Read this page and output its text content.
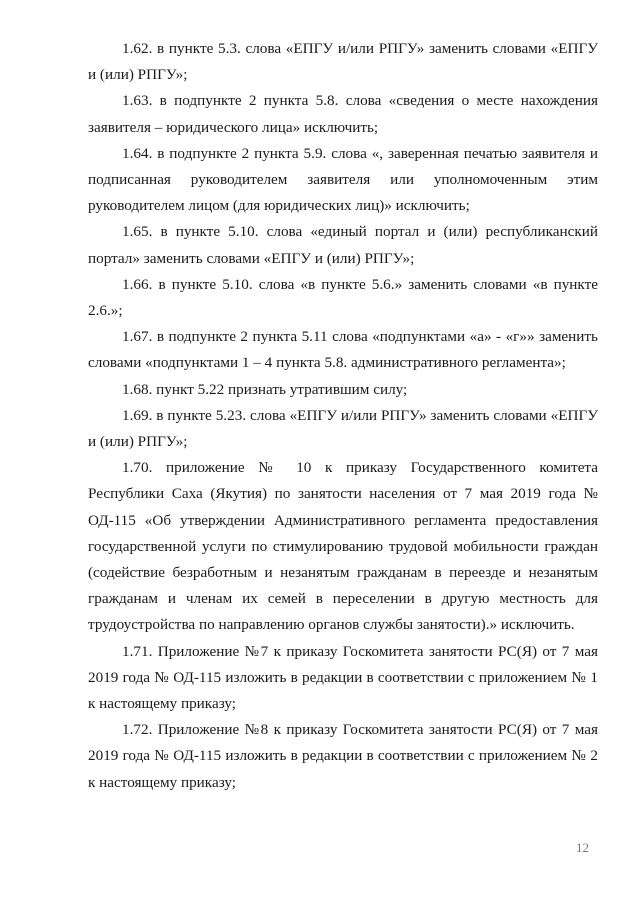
1.62. в пункте 5.3. слова «ЕПГУ и/или РПГУ» заменить словами «ЕПГУ и (или) РПГУ»;

1.63. в подпункте 2 пункта 5.8. слова «сведения о месте нахождения заявителя – юридического лица» исключить;

1.64. в подпункте 2 пункта 5.9. слова «, заверенная печатью заявителя и подписанная руководителем заявителя или уполномоченным этим руководителем лицом (для юридических лиц)» исключить;

1.65. в пункте 5.10. слова «единый портал и (или) республиканский портал» заменить словами «ЕПГУ и (или) РПГУ»;

1.66. в пункте 5.10. слова «в пункте 5.6.» заменить словами «в пункте 2.6.»;

1.67. в подпункте 2 пункта 5.11 слова «подпунктами «а» - «г»» заменить словами «подпунктами 1 – 4 пункта 5.8. административного регламента»;

1.68. пункт 5.22 признать утратившим силу;

1.69. в пункте 5.23. слова «ЕПГУ и/или РПГУ» заменить словами «ЕПГУ и (или) РПГУ»;

1.70. приложение № 10 к приказу Государственного комитета Республики Саха (Якутия) по занятости населения от 7 мая 2019 года № ОД-115 «Об утверждении Административного регламента предоставления государственной услуги по стимулированию трудовой мобильности граждан (содействие безработным и незанятым гражданам в переезде и незанятым гражданам и членам их семей в переселении в другую местность для трудоустройства по направлению органов службы занятости).» исключить.

1.71. Приложение №7 к приказу Госкомитета занятости РС(Я) от 7 мая 2019 года № ОД-115 изложить в редакции в соответствии с приложением № 1 к настоящему приказу;

1.72. Приложение №8 к приказу Госкомитета занятости РС(Я) от 7 мая 2019 года № ОД-115 изложить в редакции в соответствии с приложением № 2 к настоящему приказу;

12
